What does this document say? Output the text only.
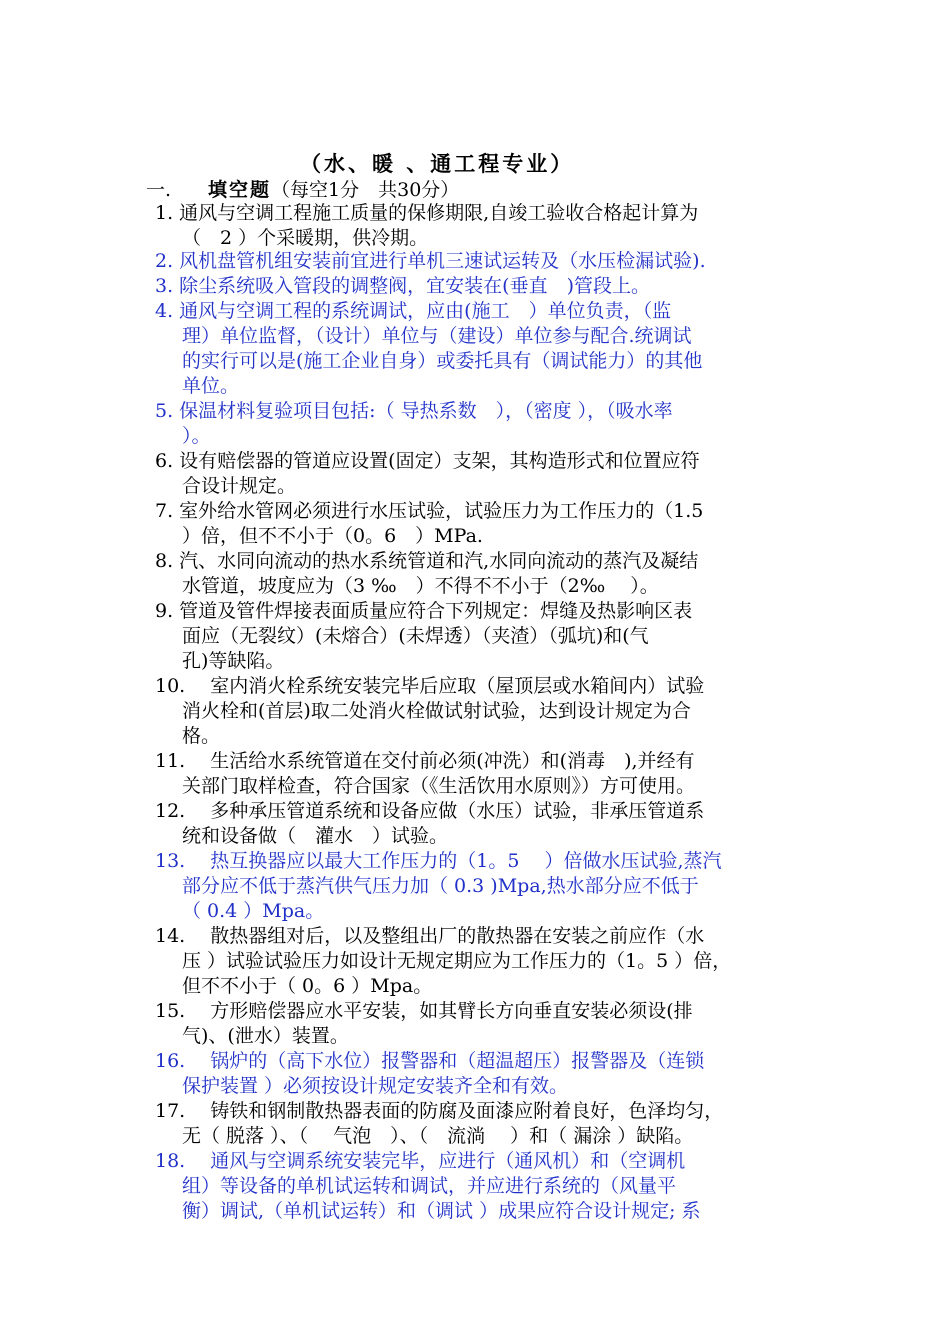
（水、暖 、通工程专业）
一. 填空题（每空1分　共30分）
1. 通风与空调工程施工质量的保修期限,自竣工验收合格起计算为
（　2 ）个采暖期，供冷期。
2. 风机盘管机组安装前宜进行单机三速试运转及（水压检漏试验).
3. 除尘系统吸入管段的调整阀，宜安装在(垂直　)管段上。
4. 通风与空调工程的系统调试，应由(施工　）单位负责，（监
理）单位监督，（设计）单位与（建设）单位参与配合.统调试
的实行可以是(施工企业自身）或委托具有（调试能力）的其他
单位。
5. 保温材料复验项目包括:（ 导热系数　），（密度 ），（吸水率
）。
6. 设有赔偿器的管道应设置(固定）支架，其构造形式和位置应符
合设计规定。
7. 室外给水管网必须进行水压试验，试验压力为工作压力的（1.5
）倍，但不不小于（0。6　）MPa.
8. 汽、水同向流动的热水系统管道和汽,水同向流动的蒸汽及凝结
水管道，坡度应为（3 ‰　）不得不不小于（2‰　 ）。
9. 管道及管件焊接表面质量应符合下列规定：焊缝及热影响区表
面应（无裂纹）(未熔合）(未焊透）（夹渣）（弧坑)和(气
孔)等缺陷。
10.　 室内消火栓系统安装完毕后应取（屋顶层或水箱间内）试验
消火栓和(首层)取二处消火栓做试射试验，达到设计规定为合
格。
11.　 生活给水系统管道在交付前必须(冲洗）和(消毒　),并经有
关部门取样检查，符合国家（《生活饮用水原则》）方可使用。
12.　 多种承压管道系统和设备应做（水压）试验，非承压管道系
统和设备做（　灌水　）试验。
13.　 热互换器应以最大工作压力的（1。5　 ）倍做水压试验,蒸汽
部分应不低于蒸汽供气压力加（ 0.3 )Mpa,热水部分应不低于
（ 0.4 ）Mpa。
14.　 散热器组对后，以及整组出厂的散热器在安装之前应作（水
压 ）试验试验压力如设计无规定期应为工作压力的（1。5 ）倍，
但不不小于（ 0。6 ）Mpa。
15.　 方形赔偿器应水平安装，如其臂长方向垂直安装必须设(排
气)、(泄水）装置。
16.　 锅炉的（高下水位）报警器和（超温超压）报警器及（连锁
保护装置 ）必须按设计规定安装齐全和有效。
17.　 铸铁和钢制散热器表面的防腐及面漆应附着良好，色泽均匀，
无（ 脱落 ）、（　 气泡　）、（　流淌　 ）和（ 漏涂 ）缺陷。
18.　 通风与空调系统安装完毕，应进行（通风机）和（空调机
组）等设备的单机试运转和调试，并应进行系统的（风量平
衡）调试,（单机试运转）和（调试 ）成果应符合设计规定; 系
